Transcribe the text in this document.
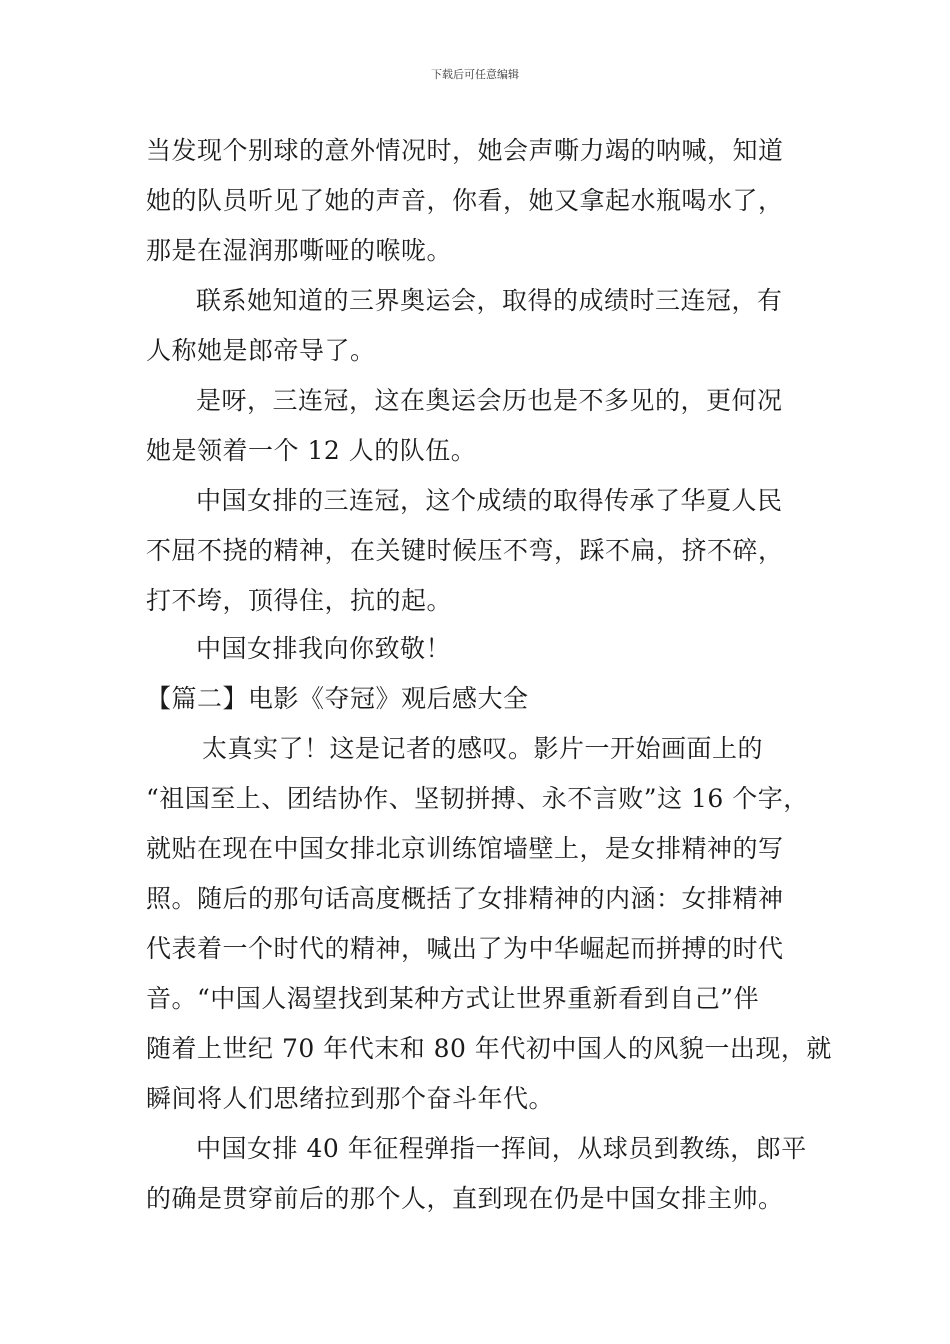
下载后可任意编辑
当发现个别球的意外情况时，她会声嘶力竭的呐喊，知道
她的队员听见了她的声音，你看，她又拿起水瓶喝水了，
那是在湿润那嘶哑的喉咙。
联系她知道的三界奥运会，取得的成绩时三连冠，有
人称她是郎帝导了。
是呀，三连冠，这在奥运会历也是不多见的，更何况
她是领着一个 12 人的队伍。
中国女排的三连冠，这个成绩的取得传承了华夏人民
不屈不挠的精神，在关键时候压不弯，踩不扁，挤不碎，
打不垮，顶得住，抗的起。
中国女排我向你致敬！
【篇二】电影《夺冠》观后感大全
太真实了！这是记者的感叹。影片一开始画面上的
“祖国至上、团结协作、坚韧拼搏、永不言败”这 16 个字，
就贴在现在中国女排北京训练馆墙壁上，是女排精神的写
照。随后的那句话高度概括了女排精神的内涵：女排精神
代表着一个时代的精神，喊出了为中华崛起而拼搏的时代
音。“中国人渴望找到某种方式让世界重新看到自己”伴
随着上世纪 70 年代末和 80 年代初中国人的风貌一出现，就
瞬间将人们思绪拉到那个奋斗年代。
中国女排 40 年征程弹指一挥间，从球员到教练，郎平
的确是贯穿前后的那个人，直到现在仍是中国女排主帅。
